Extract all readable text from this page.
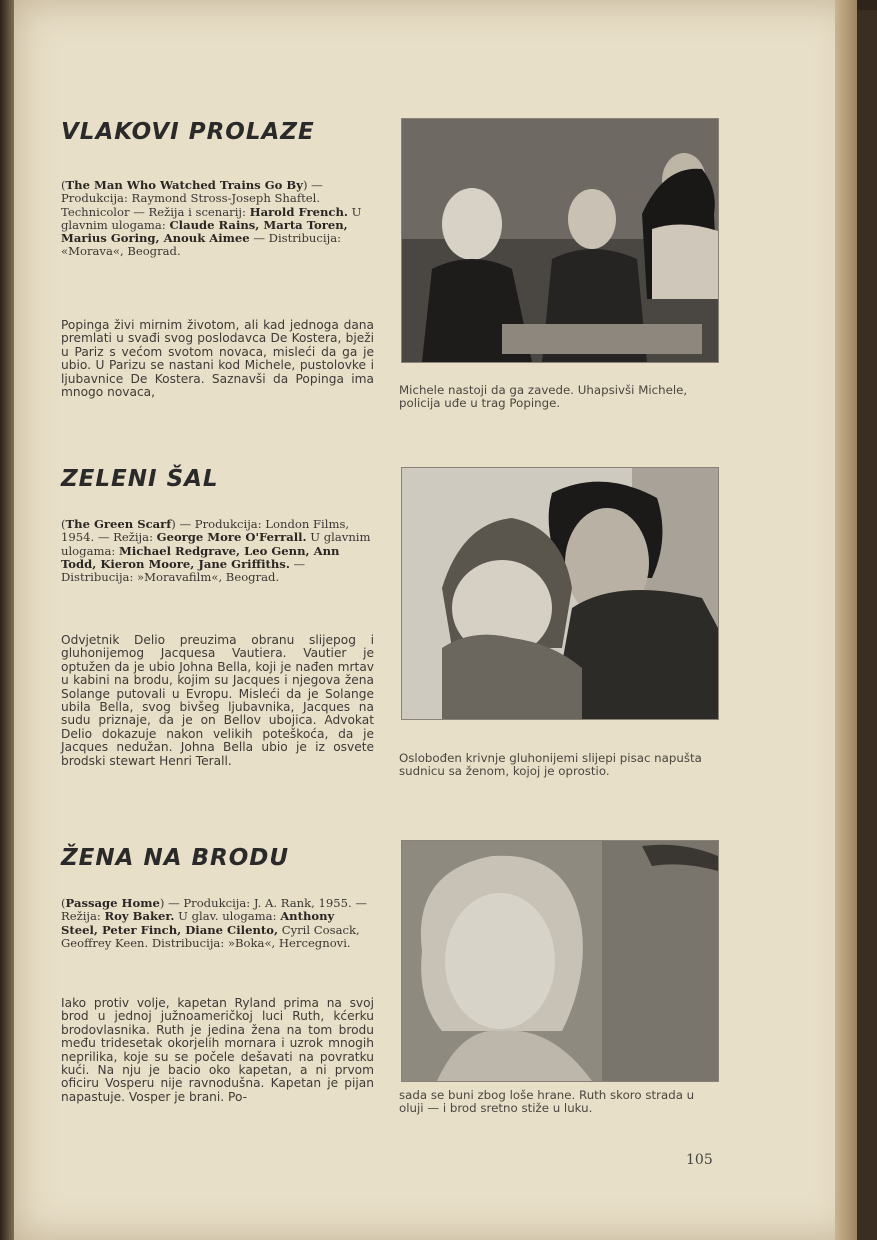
VLAKOVI PROLAZE

(The Man Who Watched Trains Go By) — Produkcija: Raymond Stross-Joseph Shaftel. Technicolor — Režija i scenarij: Harold French. U glavnim ulogama: Claude Rains, Marta Toren, Marius Goring, Anouk Aimee — Distribucija: «Morava«, Beograd.

Popinga živi mirnim životom, ali kad jednoga dana premlati u svađi svog poslodavca De Kostera, bježi u Pariz s većom svotom novaca, misleći da ga je ubio. U Parizu se nastani kod Michele, pustolovke i ljubavnice De Kostera. Saznavši da Popinga ima mnogo novaca,	Michele nastoji da ga zavede. Uhapsivši Michele, policija uđe u trag Popinge.

ZELENI ŠAL

(The Green Scarf) — Produkcija: London Films, 1954. — Režija: George More O'Ferrall. U glavnim ulogama: Michael Redgrave, Leo Genn, Ann Todd, Kieron Moore, Jane Griffiths. — Distribucija: »Moravafilm«, Beograd.

Odvjetnik Delio preuzima obranu slijepog i gluhonijemog Jacquesa Vautiera. Vautier je optužen da je ubio Johna Bella, koji je nađen mrtav u kabini na brodu, kojim su Jacques i njegova žena Solange putovali u Evropu. Misleći da je Solange ubila Bella, svog bivšeg ljubavnika, Jacques na sudu priznaje, da je on Bellov ubojica. Advokat Delio dokazuje nakon velikih poteškoća, da je Jacques nedužan. Johna Bella ubio je iz osvete brodski stewart Henri Terall.	Oslobođen krivnje gluhonijemi slijepi pisac napušta sudnicu sa ženom, kojoj je oprostio.

ŽENA NA BRODU

(Passage Home) — Produkcija: J. A. Rank, 1955. — Režija: Roy Baker. U glav. ulogama: Anthony Steel, Peter Finch, Diane Cilento, Cyril Cosack, Geoffrey Keen. Distribucija: »Boka«, Hercegnovi.

Iako protiv volje, kapetan Ryland prima na svoj brod u jednoj južnoameričkoj luci Ruth, kćerku brodovlasnika. Ruth je jedina žena na tom brodu među tridesetak okorjelih mornara i uzrok mnogih neprilika, koje su se počele dešavati na povratku kući. Na nju je bacio oko kapetan, a ni prvom oficiru Vosperu nije ravnodušna. Kapetan je pijan napastuje. Vosper je brani. Po-	sada se buni zbog loše hrane. Ruth skoro strada u oluji — i brod sretno stiže u luku.

105
